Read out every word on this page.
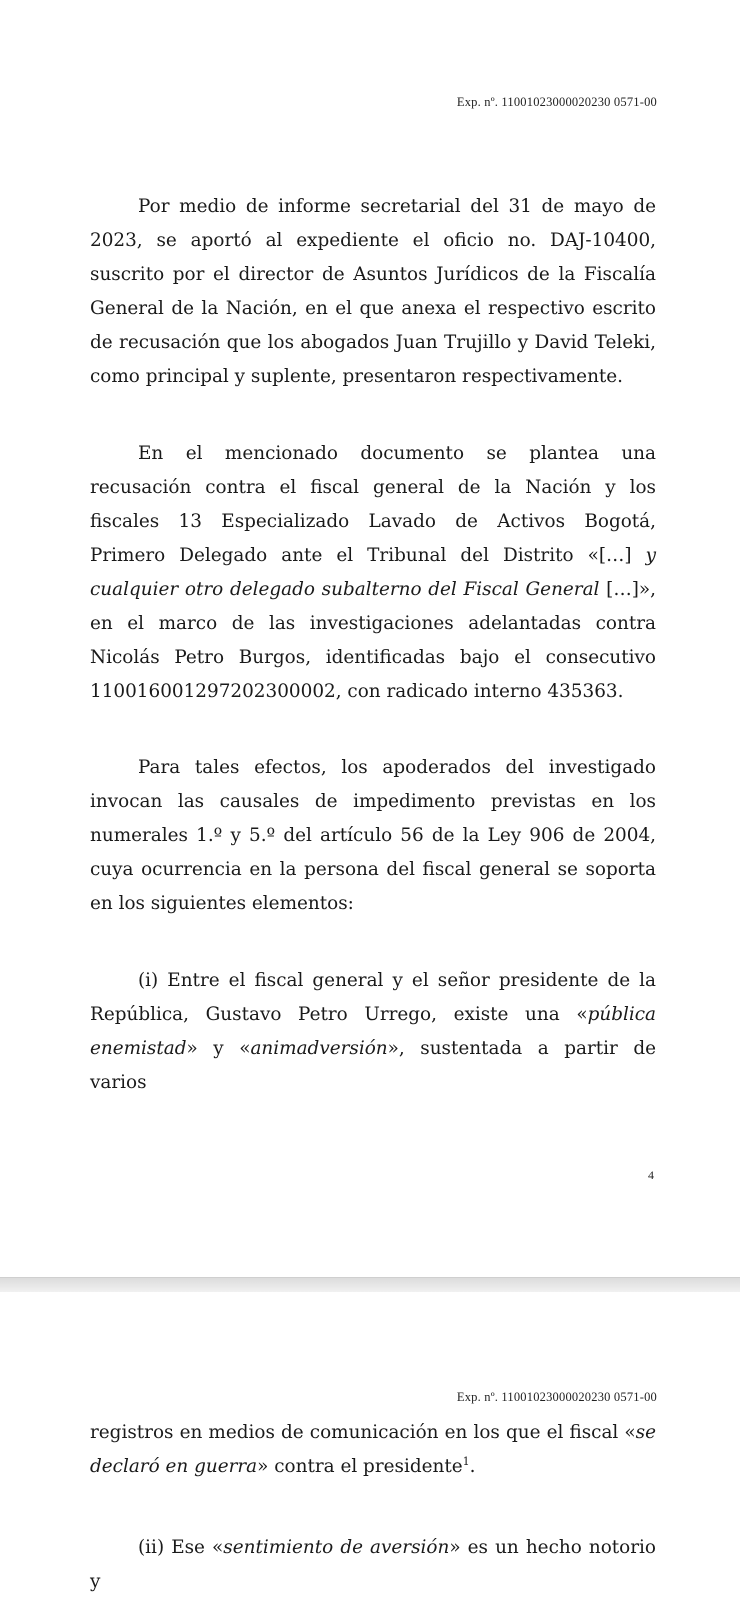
Exp. nº. 11001023000020230 0571-00

Por medio de informe secretarial del 31 de mayo de 2023, se aportó al expediente el oficio no. DAJ-10400, suscrito por el director de Asuntos Jurídicos de la Fiscalía General de la Nación, en el que anexa el respectivo escrito de recusación que los abogados Juan Trujillo y David Teleki, como principal y suplente, presentaron respectivamente.

En el mencionado documento se plantea una recusación contra el fiscal general de la Nación y los fiscales 13 Especializado Lavado de Activos Bogotá, Primero Delegado ante el Tribunal del Distrito «[…] y cualquier otro delegado subalterno del Fiscal General […]», en el marco de las investigaciones adelantadas contra Nicolás Petro Burgos, identificadas bajo el consecutivo 110016001297202300002, con radicado interno 435363.

Para tales efectos, los apoderados del investigado invocan las causales de impedimento previstas en los numerales 1.º y 5.º del artículo 56 de la Ley 906 de 2004, cuya ocurrencia en la persona del fiscal general se soporta en los siguientes elementos:

(i) Entre el fiscal general y el señor presidente de la República, Gustavo Petro Urrego, existe una «pública enemistad» y «animadversión», sustentada a partir de varios

4
Exp. nº. 11001023000020230 0571-00

registros en medios de comunicación en los que el fiscal «se declaró en guerra» contra el presidente$^1$.

(ii) Ese «sentimiento de aversión» es un hecho notorio y
